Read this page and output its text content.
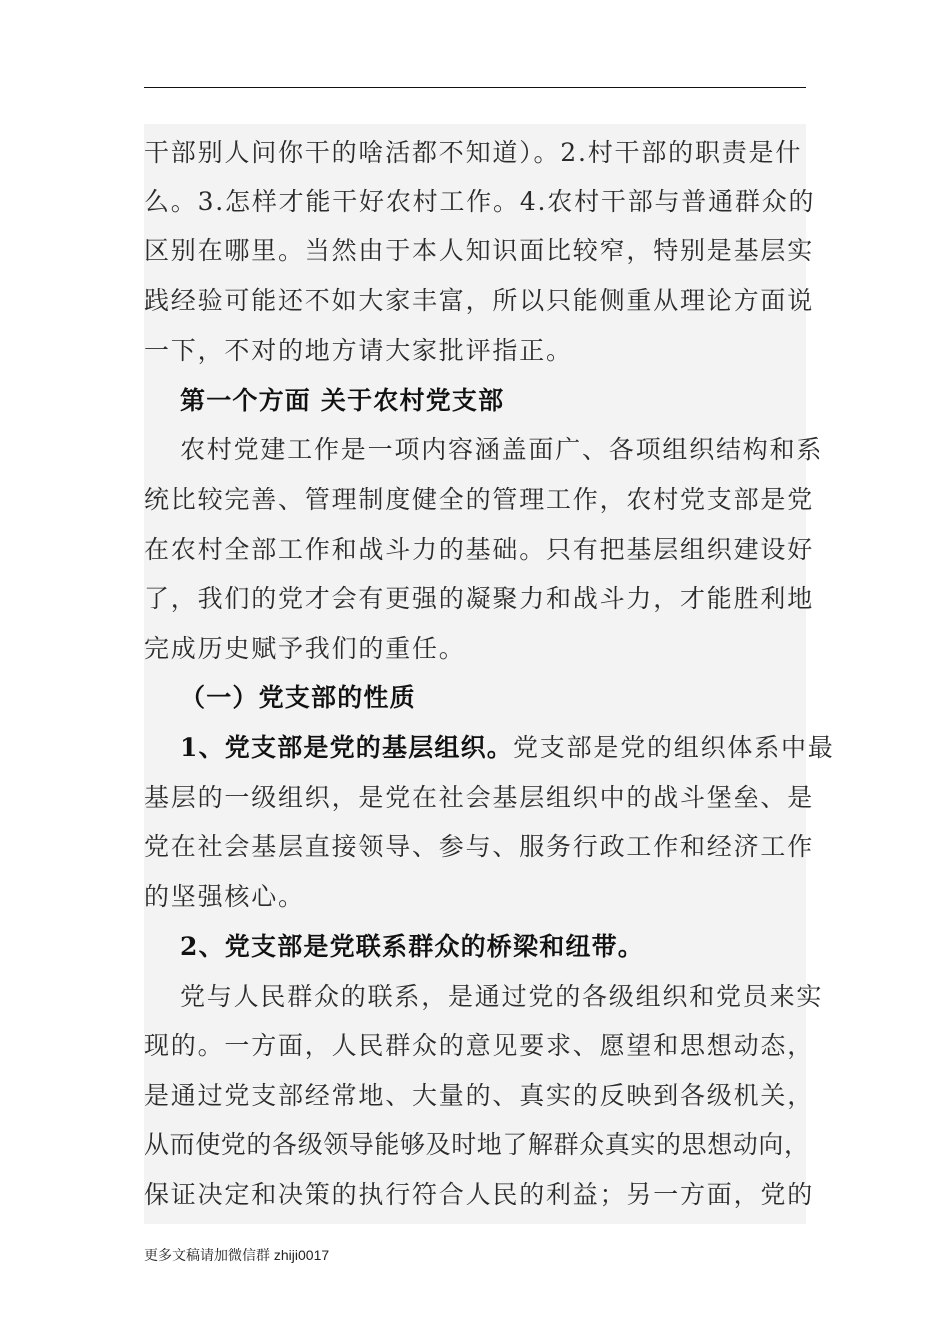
干部别人问你干的啥活都不知道）。2.村干部的职责是什
么。3.怎样才能干好农村工作。4.农村干部与普通群众的
区别在哪里。当然由于本人知识面比较窄，特别是基层实
践经验可能还不如大家丰富，所以只能侧重从理论方面说
一下，不对的地方请大家批评指正。
第一个方面 关于农村党支部
农村党建工作是一项内容涵盖面广、各项组织结构和系
统比较完善、管理制度健全的管理工作，农村党支部是党
在农村全部工作和战斗力的基础。只有把基层组织建设好
了，我们的党才会有更强的凝聚力和战斗力，才能胜利地
完成历史赋予我们的重任。
（一）党支部的性质
1、党支部是党的基层组织。党支部是党的组织体系中最
基层的一级组织，是党在社会基层组织中的战斗堡垒、是
党在社会基层直接领导、参与、服务行政工作和经济工作
的坚强核心。
2、党支部是党联系群众的桥梁和纽带。
党与人民群众的联系，是通过党的各级组织和党员来实
现的。一方面，人民群众的意见要求、愿望和思想动态，
是通过党支部经常地、大量的、真实的反映到各级机关，
从而使党的各级领导能够及时地了解群众真实的思想动向，
保证决定和决策的执行符合人民的利益；另一方面，党的
更多文稿请加微信群 zhiji0017
